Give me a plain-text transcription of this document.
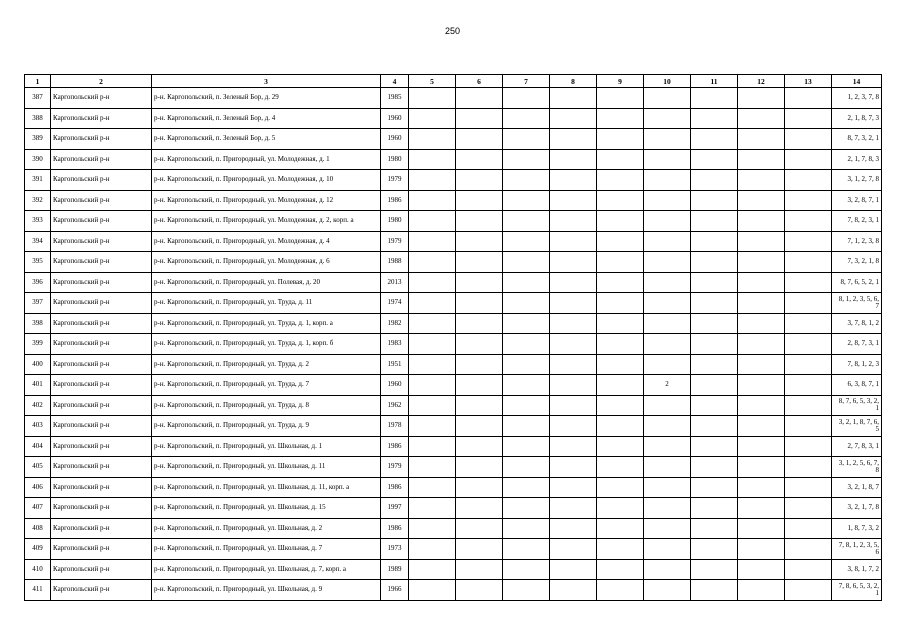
250
1	2	3	4	5	6	7	8	9	10	11	12	13	14
387	Каргопольский р-н	р-н. Каргопольский, п. Зеленый Бор, д. 29	1985										1, 2, 3, 7, 8
388	Каргопольский р-н	р-н. Каргопольский, п. Зеленый Бор, д. 4	1960										2, 1, 8, 7, 3
389	Каргопольский р-н	р-н. Каргопольский, п. Зеленый Бор, д. 5	1960										8, 7, 3, 2, 1
390	Каргопольский р-н	р-н. Каргопольский, п. Пригородный, ул. Молодежная, д. 1	1980										2, 1, 7, 8, 3
391	Каргопольский р-н	р-н. Каргопольский, п. Пригородный, ул. Молодежная, д. 10	1979										3, 1, 2, 7, 8
392	Каргопольский р-н	р-н. Каргопольский, п. Пригородный, ул. Молодежная, д. 12	1986										3, 2, 8, 7, 1
393	Каргопольский р-н	р-н. Каргопольский, п. Пригородный, ул. Молодежная, д. 2, корп. а	1980										7, 8, 2, 3, 1
394	Каргопольский р-н	р-н. Каргопольский, п. Пригородный, ул. Молодежная, д. 4	1979										7, 1, 2, 3, 8
395	Каргопольский р-н	р-н. Каргопольский, п. Пригородный, ул. Молодежная, д. 6	1988										7, 3, 2, 1, 8
396	Каргопольский р-н	р-н. Каргопольский, п. Пригородный, ул. Полевая, д. 20	2013										8, 7, 6, 5, 2, 1
397	Каргопольский р-н	р-н. Каргопольский, п. Пригородный, ул. Труда, д. 11	1974										8, 1, 2, 3, 5, 6, 7
398	Каргопольский р-н	р-н. Каргопольский, п. Пригородный, ул. Труда, д. 1, корп. а	1982										3, 7, 8, 1, 2
399	Каргопольский р-н	р-н. Каргопольский, п. Пригородный, ул. Труда, д. 1, корп. б	1983										2, 8, 7, 3, 1
400	Каргопольский р-н	р-н. Каргопольский, п. Пригородный, ул. Труда, д. 2	1951										7, 8, 1, 2, 3
401	Каргопольский р-н	р-н. Каргопольский, п. Пригородный, ул. Труда, д. 7	1960						2				6, 3, 8, 7, 1
402	Каргопольский р-н	р-н. Каргопольский, п. Пригородный, ул. Труда, д. 8	1962										8, 7, 6, 5, 3, 2, 1
403	Каргопольский р-н	р-н. Каргопольский, п. Пригородный, ул. Труда, д. 9	1978										3, 2, 1, 8, 7, 6, 5
404	Каргопольский р-н	р-н. Каргопольский, п. Пригородный, ул. Школьная, д. 1	1986										2, 7, 8, 3, 1
405	Каргопольский р-н	р-н. Каргопольский, п. Пригородный, ул. Школьная, д. 11	1979										3, 1, 2, 5, 6, 7, 8
406	Каргопольский р-н	р-н. Каргопольский, п. Пригородный, ул. Школьная, д. 11, корп. а	1986										3, 2, 1, 8, 7
407	Каргопольский р-н	р-н. Каргопольский, п. Пригородный, ул. Школьная, д. 15	1997										3, 2, 1, 7, 8
408	Каргопольский р-н	р-н. Каргопольский, п. Пригородный, ул. Школьная, д. 2	1986										1, 8, 7, 3, 2
409	Каргопольский р-н	р-н. Каргопольский, п. Пригородный, ул. Школьная, д. 7	1973										7, 8, 1, 2, 3, 5, 6
410	Каргопольский р-н	р-н. Каргопольский, п. Пригородный, ул. Школьная, д. 7, корп. а	1989										3, 8, 1, 7, 2
411	Каргопольский р-н	р-н. Каргопольский, п. Пригородный, ул. Школьная, д. 9	1966										7, 8, 6, 5, 3, 2, 1
